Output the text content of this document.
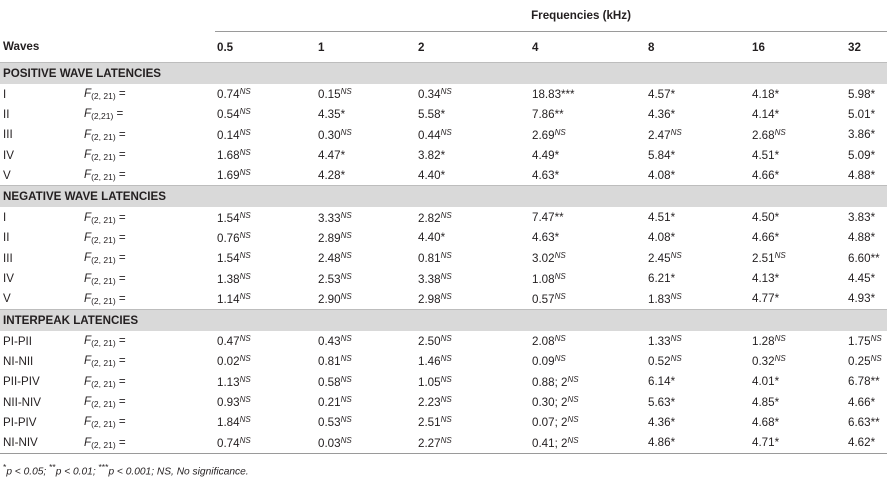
		Frequencies (kHz)						
Waves		0.5	1	2	4	8	16	32
POSITIVE WAVE LATENCIES								
I	$F_{(2, 21)}$ =	$0.74^{NS}$	$0.15^{NS}$	$0.34^{NS}$	18.83***	4.57*	4.18*	5.98*
II	$F_{(2,21)}$ =	$0.54^{NS}$	4.35*	5.58*	7.86**	4.36*	4.14*	5.01*
III	$F_{(2, 21)}$ =	$0.14^{NS}$	$0.30^{NS}$	$0.44^{NS}$	$2.69^{NS}$	$2.47^{NS}$	$2.68^{NS}$	3.86*
IV	$F_{(2, 21)}$ =	$1.68^{NS}$	4.47*	3.82*	4.49*	5.84*	4.51*	5.09*
V	$F_{(2, 21)}$ =	$1.69^{NS}$	4.28*	4.40*	4.63*	4.08*	4.66*	4.88*
NEGATIVE WAVE LATENCIES								
I	$F_{(2, 21)}$ =	$1.54^{NS}$	$3.33^{NS}$	$2.82^{NS}$	7.47**	4.51*	4.50*	3.83*
II	$F_{(2, 21)}$ =	$0.76^{NS}$	$2.89^{NS}$	4.40*	4.63*	4.08*	4.66*	4.88*
III	$F_{(2, 21)}$ =	$1.54^{NS}$	$2.48^{NS}$	$0.81^{NS}$	$3.02^{NS}$	$2.45^{NS}$	$2.51^{NS}$	6.60**
IV	$F_{(2, 21)}$ =	$1.38^{NS}$	$2.53^{NS}$	$3.38^{NS}$	$1.08^{NS}$	6.21*	4.13*	4.45*
V	$F_{(2, 21)}$ =	$1.14^{NS}$	$2.90^{NS}$	$2.98^{NS}$	$0.57^{NS}$	$1.83^{NS}$	4.77*	4.93*
INTERPEAK LATENCIES								
PI-PII	$F_{(2, 21)}$ =	$0.47^{NS}$	$0.43^{NS}$	$2.50^{NS}$	$2.08^{NS}$	$1.33^{NS}$	$1.28^{NS}$	$1.75^{NS}$
NI-NII	$F_{(2, 21)}$ =	$0.02^{NS}$	$0.81^{NS}$	$1.46^{NS}$	$0.09^{NS}$	$0.52^{NS}$	$0.32^{NS}$	$0.25^{NS}$
PII-PIV	$F_{(2, 21)}$ =	$1.13^{NS}$	$0.58^{NS}$	$1.05^{NS}$	0.88; $2^{NS}$	6.14*	4.01*	6.78**
NII-NIV	$F_{(2, 21)}$ =	$0.93^{NS}$	$0.21^{NS}$	$2.23^{NS}$	0.30; $2^{NS}$	5.63*	4.85*	4.66*
PI-PIV	$F_{(2, 21)}$ =	$1.84^{NS}$	$0.53^{NS}$	$2.51^{NS}$	0.07; $2^{NS}$	4.36*	4.68*	6.63**
NI-NIV	$F_{(2, 21)}$ =	$0.74^{NS}$	$0.03^{NS}$	$2.27^{NS}$	0.41; $2^{NS}$	4.86*	4.71*	4.62*
*p < 0.05; **p < 0.01; ***p < 0.001; NS, No significance.
